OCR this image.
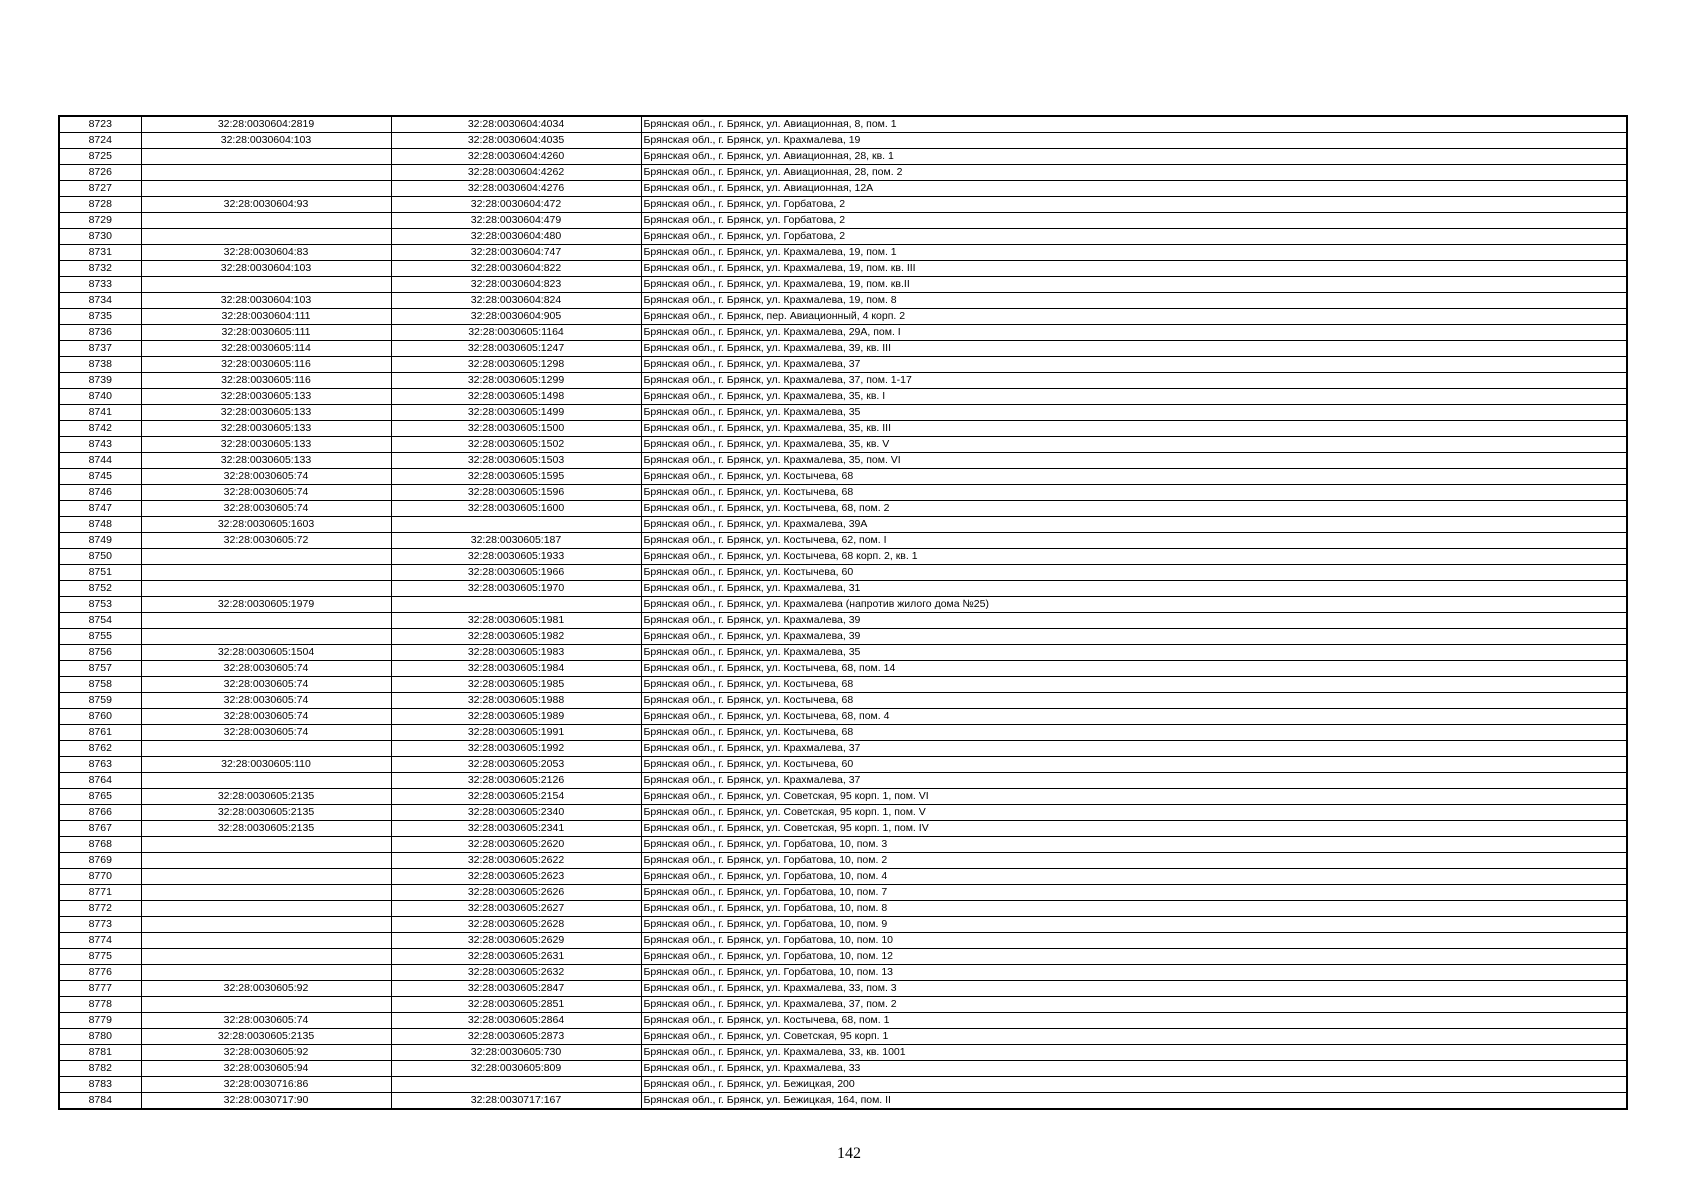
8723	32:28:0030604:2819	32:28:0030604:4034	Брянская обл., г. Брянск, ул. Авиационная, 8, пом. 1
8724	32:28:0030604:103	32:28:0030604:4035	Брянская обл., г. Брянск, ул. Крахмалева, 19
8725		32:28:0030604:4260	Брянская обл., г. Брянск, ул. Авиационная, 28, кв. 1
8726		32:28:0030604:4262	Брянская обл., г. Брянск, ул. Авиационная, 28, пом. 2
8727		32:28:0030604:4276	Брянская обл., г. Брянск, ул. Авиационная, 12А
8728	32:28:0030604:93	32:28:0030604:472	Брянская обл., г. Брянск, ул. Горбатова, 2
8729		32:28:0030604:479	Брянская обл., г. Брянск, ул. Горбатова, 2
8730		32:28:0030604:480	Брянская обл., г. Брянск, ул. Горбатова, 2
8731	32:28:0030604:83	32:28:0030604:747	Брянская обл., г. Брянск, ул. Крахмалева, 19, пом. 1
8732	32:28:0030604:103	32:28:0030604:822	Брянская обл., г. Брянск, ул. Крахмалева, 19, пом. кв. III
8733		32:28:0030604:823	Брянская обл., г. Брянск, ул. Крахмалева, 19, пом. кв.II
8734	32:28:0030604:103	32:28:0030604:824	Брянская обл., г. Брянск, ул. Крахмалева, 19, пом. 8
8735	32:28:0030604:111	32:28:0030604:905	Брянская обл., г. Брянск, пер. Авиационный, 4 корп. 2
8736	32:28:0030605:111	32:28:0030605:1164	Брянская обл., г. Брянск, ул. Крахмалева, 29А, пом. I
8737	32:28:0030605:114	32:28:0030605:1247	Брянская обл., г. Брянск, ул. Крахмалева, 39, кв. III
8738	32:28:0030605:116	32:28:0030605:1298	Брянская обл., г. Брянск, ул. Крахмалева, 37
8739	32:28:0030605:116	32:28:0030605:1299	Брянская обл., г. Брянск, ул. Крахмалева, 37, пом. 1-17
8740	32:28:0030605:133	32:28:0030605:1498	Брянская обл., г. Брянск, ул. Крахмалева, 35, кв. I
8741	32:28:0030605:133	32:28:0030605:1499	Брянская обл., г. Брянск, ул. Крахмалева, 35
8742	32:28:0030605:133	32:28:0030605:1500	Брянская обл., г. Брянск, ул. Крахмалева, 35, кв. III
8743	32:28:0030605:133	32:28:0030605:1502	Брянская обл., г. Брянск, ул. Крахмалева, 35, кв. V
8744	32:28:0030605:133	32:28:0030605:1503	Брянская обл., г. Брянск, ул. Крахмалева, 35, пом. VI
8745	32:28:0030605:74	32:28:0030605:1595	Брянская обл., г. Брянск, ул. Костычева, 68
8746	32:28:0030605:74	32:28:0030605:1596	Брянская обл., г. Брянск, ул. Костычева, 68
8747	32:28:0030605:74	32:28:0030605:1600	Брянская обл., г. Брянск, ул. Костычева, 68, пом. 2
8748	32:28:0030605:1603		Брянская обл., г. Брянск, ул. Крахмалева, 39А
8749	32:28:0030605:72	32:28:0030605:187	Брянская обл., г. Брянск, ул. Костычева, 62, пом. I
8750		32:28:0030605:1933	Брянская обл., г. Брянск, ул. Костычева, 68 корп. 2, кв. 1
8751		32:28:0030605:1966	Брянская обл., г. Брянск, ул. Костычева, 60
8752		32:28:0030605:1970	Брянская обл., г. Брянск, ул. Крахмалева, 31
8753	32:28:0030605:1979		Брянская обл., г. Брянск, ул. Крахмалева (напротив жилого дома №25)
8754		32:28:0030605:1981	Брянская обл., г. Брянск, ул. Крахмалева, 39
8755		32:28:0030605:1982	Брянская обл., г. Брянск, ул. Крахмалева, 39
8756	32:28:0030605:1504	32:28:0030605:1983	Брянская обл., г. Брянск, ул. Крахмалева, 35
8757	32:28:0030605:74	32:28:0030605:1984	Брянская обл., г. Брянск, ул. Костычева, 68, пом. 14
8758	32:28:0030605:74	32:28:0030605:1985	Брянская обл., г. Брянск, ул. Костычева, 68
8759	32:28:0030605:74	32:28:0030605:1988	Брянская обл., г. Брянск, ул. Костычева, 68
8760	32:28:0030605:74	32:28:0030605:1989	Брянская обл., г. Брянск, ул. Костычева, 68, пом. 4
8761	32:28:0030605:74	32:28:0030605:1991	Брянская обл., г. Брянск, ул. Костычева, 68
8762		32:28:0030605:1992	Брянская обл., г. Брянск, ул. Крахмалева, 37
8763	32:28:0030605:110	32:28:0030605:2053	Брянская обл., г. Брянск, ул. Костычева, 60
8764		32:28:0030605:2126	Брянская обл., г. Брянск, ул. Крахмалева, 37
8765	32:28:0030605:2135	32:28:0030605:2154	Брянская обл., г. Брянск, ул. Советская, 95 корп. 1, пом. VI
8766	32:28:0030605:2135	32:28:0030605:2340	Брянская обл., г. Брянск, ул. Советская, 95 корп. 1, пом. V
8767	32:28:0030605:2135	32:28:0030605:2341	Брянская обл., г. Брянск, ул. Советская, 95 корп. 1, пом. IV
8768		32:28:0030605:2620	Брянская обл., г. Брянск, ул. Горбатова, 10, пом. 3
8769		32:28:0030605:2622	Брянская обл., г. Брянск, ул. Горбатова, 10, пом. 2
8770		32:28:0030605:2623	Брянская обл., г. Брянск, ул. Горбатова, 10, пом. 4
8771		32:28:0030605:2626	Брянская обл., г. Брянск, ул. Горбатова, 10, пом. 7
8772		32:28:0030605:2627	Брянская обл., г. Брянск, ул. Горбатова, 10, пом. 8
8773		32:28:0030605:2628	Брянская обл., г. Брянск, ул. Горбатова, 10, пом. 9
8774		32:28:0030605:2629	Брянская обл., г. Брянск, ул. Горбатова, 10, пом. 10
8775		32:28:0030605:2631	Брянская обл., г. Брянск, ул. Горбатова, 10, пом. 12
8776		32:28:0030605:2632	Брянская обл., г. Брянск, ул. Горбатова, 10, пом. 13
8777	32:28:0030605:92	32:28:0030605:2847	Брянская обл., г. Брянск, ул. Крахмалева, 33, пом. 3
8778		32:28:0030605:2851	Брянская обл., г. Брянск, ул. Крахмалева, 37, пом. 2
8779	32:28:0030605:74	32:28:0030605:2864	Брянская обл., г. Брянск, ул. Костычева, 68, пом. 1
8780	32:28:0030605:2135	32:28:0030605:2873	Брянская обл., г. Брянск, ул. Советская, 95 корп. 1
8781	32:28:0030605:92	32:28:0030605:730	Брянская обл., г. Брянск, ул. Крахмалева, 33, кв. 1001
8782	32:28:0030605:94	32:28:0030605:809	Брянская обл., г. Брянск, ул. Крахмалева, 33
8783	32:28:0030716:86		Брянская обл., г. Брянск, ул. Бежицкая, 200
8784	32:28:0030717:90	32:28:0030717:167	Брянская обл., г. Брянск, ул. Бежицкая, 164, пом. II
142
